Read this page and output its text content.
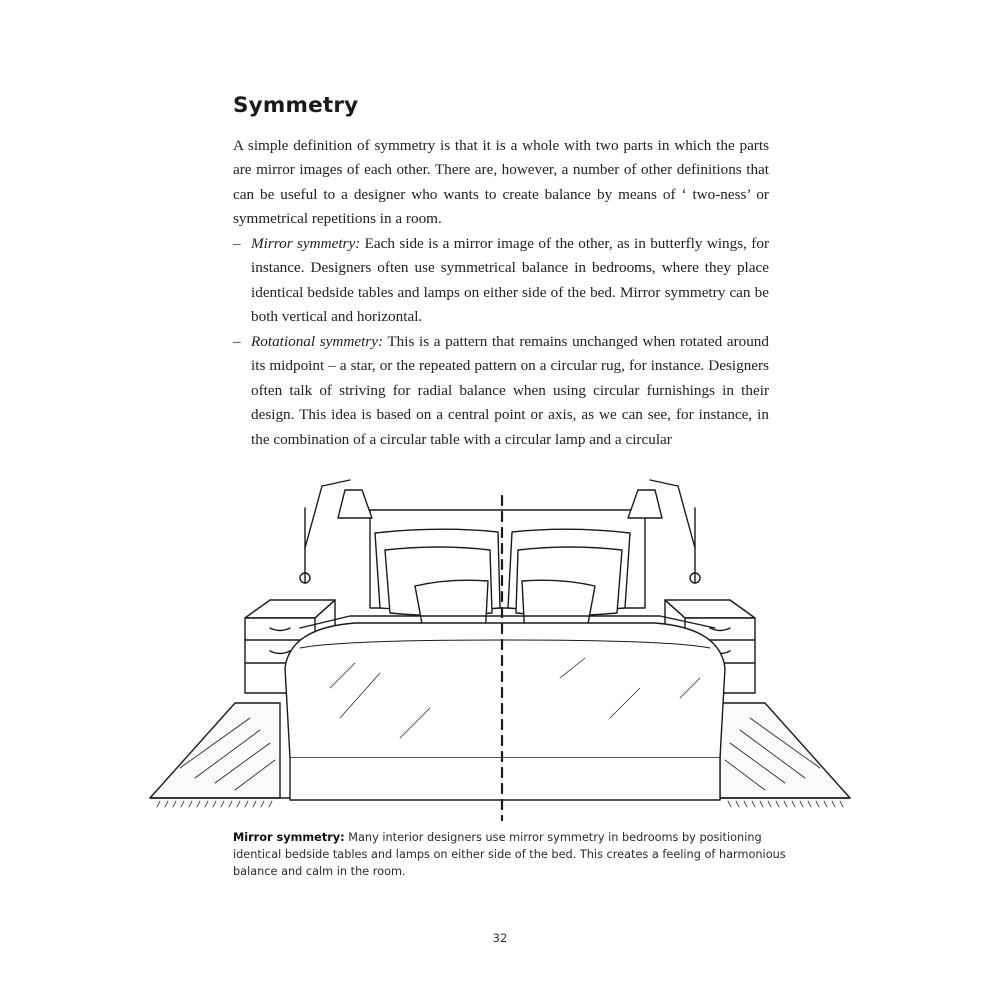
Symmetry

A simple definition of symmetry is that it is a whole with two parts in which the parts are mirror images of each other. There are, however, a number of other definitions that can be useful to a designer who wants to create balance by means of ‘ two-ness’ or symmetrical repetitions in a room.

– Mirror symmetry: Each side is a mirror image of the other, as in butterfly wings, for instance. Designers often use symmetrical balance in bedrooms, where they place identical bedside tables and lamps on either side of the bed. Mirror symmetry can be both vertical and horizontal.
– Rotational symmetry: This is a pattern that remains unchanged when rotated around its midpoint – a star, or the repeated pattern on a circular rug, for instance. Designers often talk of striving for radial balance when using circular furnishings in their design. This idea is based on a central point or axis, as we can see, for instance, in the combination of a circular table with a circular lamp and a circular

Mirror symmetry: Many interior designers use mirror symmetry in bedrooms by positioning identical bedside tables and lamps on either side of the bed. This creates a feeling of harmonious balance and calm in the room.

32
